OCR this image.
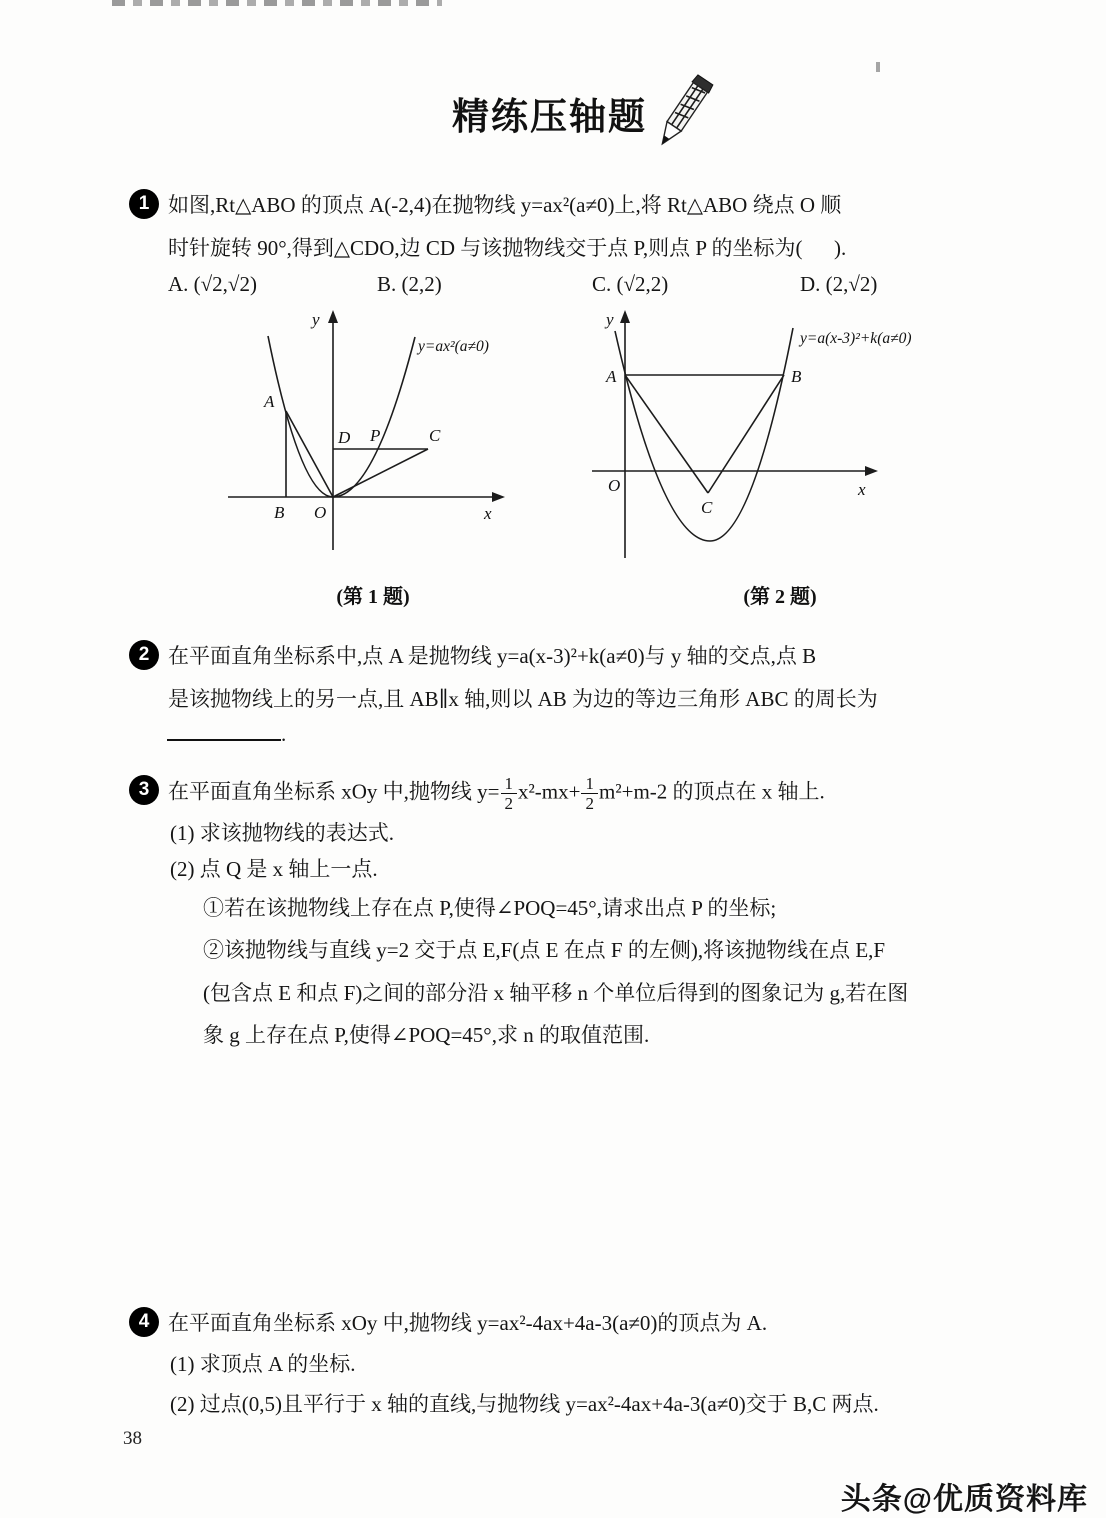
精练压轴题
1 如图,Rt△ABO 的顶点 A(-2,4)在抛物线 y=ax²(a≠0)上,将 Rt△ABO 绕点 O 顺
时针旋转 90°,得到△CDO,边 CD 与该抛物线交于点 P,则点 P 的坐标为(      ).
A. (√2,√2)	B. (2,2)	C. (√2,2)	D. (2,√2)
A
B O
D P	C
y
x
y=ax²(a≠0)
(第 1 题)
A	B
C
O
y
x
y=a(x-3)²+k(a≠0)
(第 2 题)
2 在平面直角坐标系中,点 A 是抛物线 y=a(x-3)²+k(a≠0)与 y 轴的交点,点 B
是该抛物线上的另一点,且 AB∥x 轴,则以 AB 为边的等边三角形 ABC 的周长为
.
3 在平面直角坐标系 xOy 中,抛物线 $y= \frac{1}{2} x^2-mx+ \frac{1}{2} m^2+m-2$ 的顶点在 x 轴上.
(1) 求该抛物线的表达式.
(2) 点 Q 是 x 轴上一点.
①若在该抛物线上存在点 P,使得∠POQ=45°,请求出点 P 的坐标;
②该抛物线与直线 y=2 交于点 E,F(点 E 在点 F 的左侧),将该抛物线在点 E,F
(包含点 E 和点 F)之间的部分沿 x 轴平移 n 个单位后得到的图象记为 g,若在图
象 g 上存在点 P,使得∠POQ=45°,求 n 的取值范围.
4 在平面直角坐标系 xOy 中,抛物线 y=ax²-4ax+4a-3(a≠0)的顶点为 A.
(1) 求顶点 A 的坐标.
(2) 过点(0,5)且平行于 x 轴的直线,与抛物线 y=ax²-4ax+4a-3(a≠0)交于 B,C 两点.
38
头条@优质资料库
